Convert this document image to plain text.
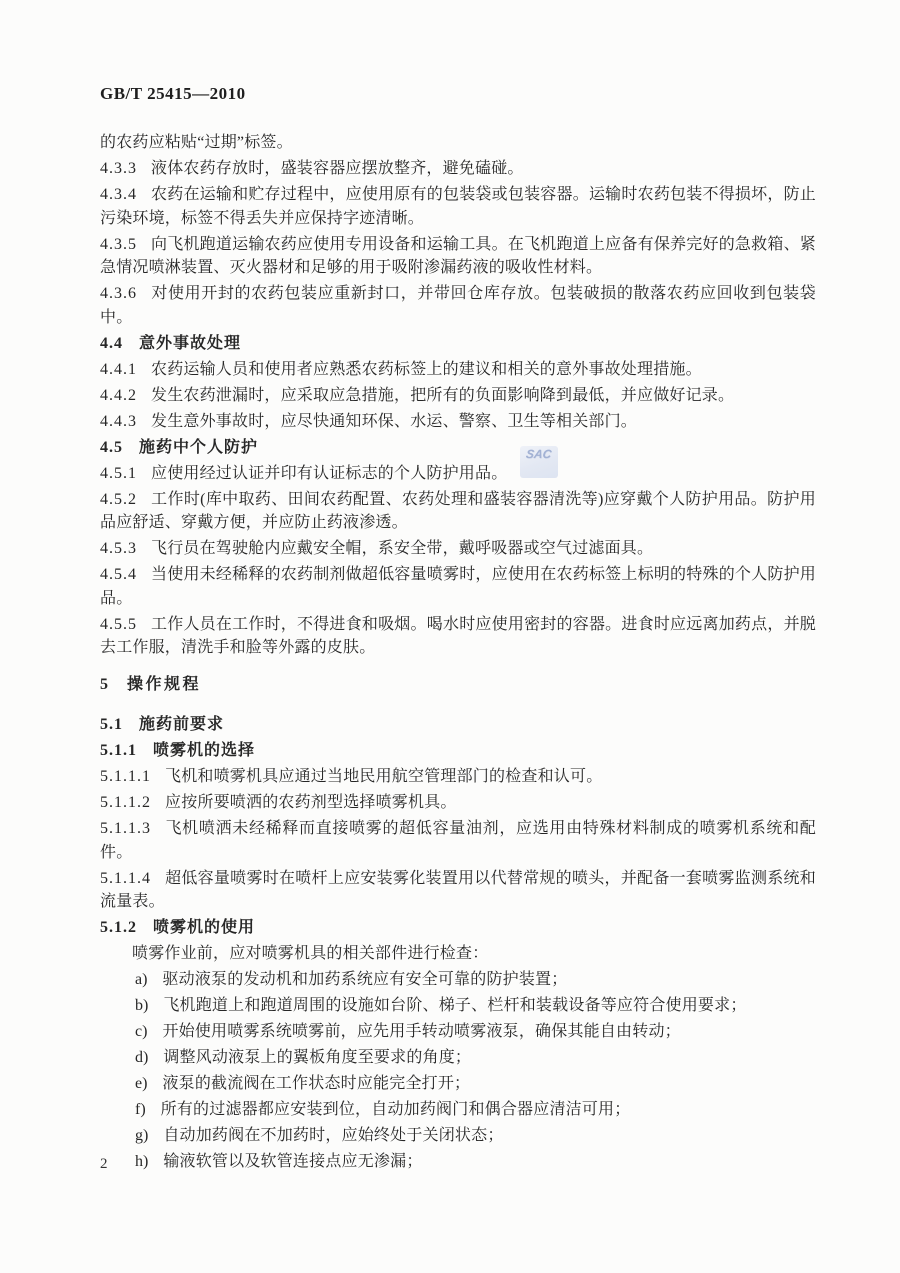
GB/T 25415—2010

的农药应粘贴“过期”标签。

4.3.3 液体农药存放时，盛装容器应摆放整齐，避免磕碰。

4.3.4 农药在运输和贮存过程中，应使用原有的包装袋或包装容器。运输时农药包装不得损坏，防止污染环境，标签不得丢失并应保持字迹清晰。

4.3.5 向飞机跑道运输农药应使用专用设备和运输工具。在飞机跑道上应备有保养完好的急救箱、紧急情况喷淋装置、灭火器材和足够的用于吸附渗漏药液的吸收性材料。

4.3.6 对使用开封的农药包装应重新封口，并带回仓库存放。包装破损的散落农药应回收到包装袋中。

4.4 意外事故处理

4.4.1 农药运输人员和使用者应熟悉农药标签上的建议和相关的意外事故处理措施。

4.4.2 发生农药泄漏时，应采取应急措施，把所有的负面影响降到最低，并应做好记录。

4.4.3 发生意外事故时，应尽快通知环保、水运、警察、卫生等相关部门。

4.5 施药中个人防护

4.5.1 应使用经过认证并印有认证标志的个人防护用品。

4.5.2 工作时(库中取药、田间农药配置、农药处理和盛装容器清洗等)应穿戴个人防护用品。防护用品应舒适、穿戴方便，并应防止药液渗透。

4.5.3 飞行员在驾驶舱内应戴安全帽，系安全带，戴呼吸器或空气过滤面具。

4.5.4 当使用未经稀释的农药制剂做超低容量喷雾时，应使用在农药标签上标明的特殊的个人防护用品。

4.5.5 工作人员在工作时，不得进食和吸烟。喝水时应使用密封的容器。进食时应远离加药点，并脱去工作服，清洗手和脸等外露的皮肤。

5 操作规程

5.1 施药前要求

5.1.1 喷雾机的选择

5.1.1.1 飞机和喷雾机具应通过当地民用航空管理部门的检查和认可。

5.1.1.2 应按所要喷洒的农药剂型选择喷雾机具。

5.1.1.3 飞机喷洒未经稀释而直接喷雾的超低容量油剂，应选用由特殊材料制成的喷雾机系统和配件。

5.1.1.4 超低容量喷雾时在喷杆上应安装雾化装置用以代替常规的喷头，并配备一套喷雾监测系统和流量表。

5.1.2 喷雾机的使用

喷雾作业前，应对喷雾机具的相关部件进行检查：

a) 驱动液泵的发动机和加药系统应有安全可靠的防护装置；

b) 飞机跑道上和跑道周围的设施如台阶、梯子、栏杆和装载设备等应符合使用要求；

c) 开始使用喷雾系统喷雾前，应先用手转动喷雾液泵，确保其能自由转动；

d) 调整风动液泵上的翼板角度至要求的角度；

e) 液泵的截流阀在工作状态时应能完全打开；

f) 所有的过滤器都应安装到位，自动加药阀门和偶合器应清洁可用；

g) 自动加药阀在不加药时，应始终处于关闭状态；

h) 输液软管以及软管连接点应无渗漏；

SAC
2
